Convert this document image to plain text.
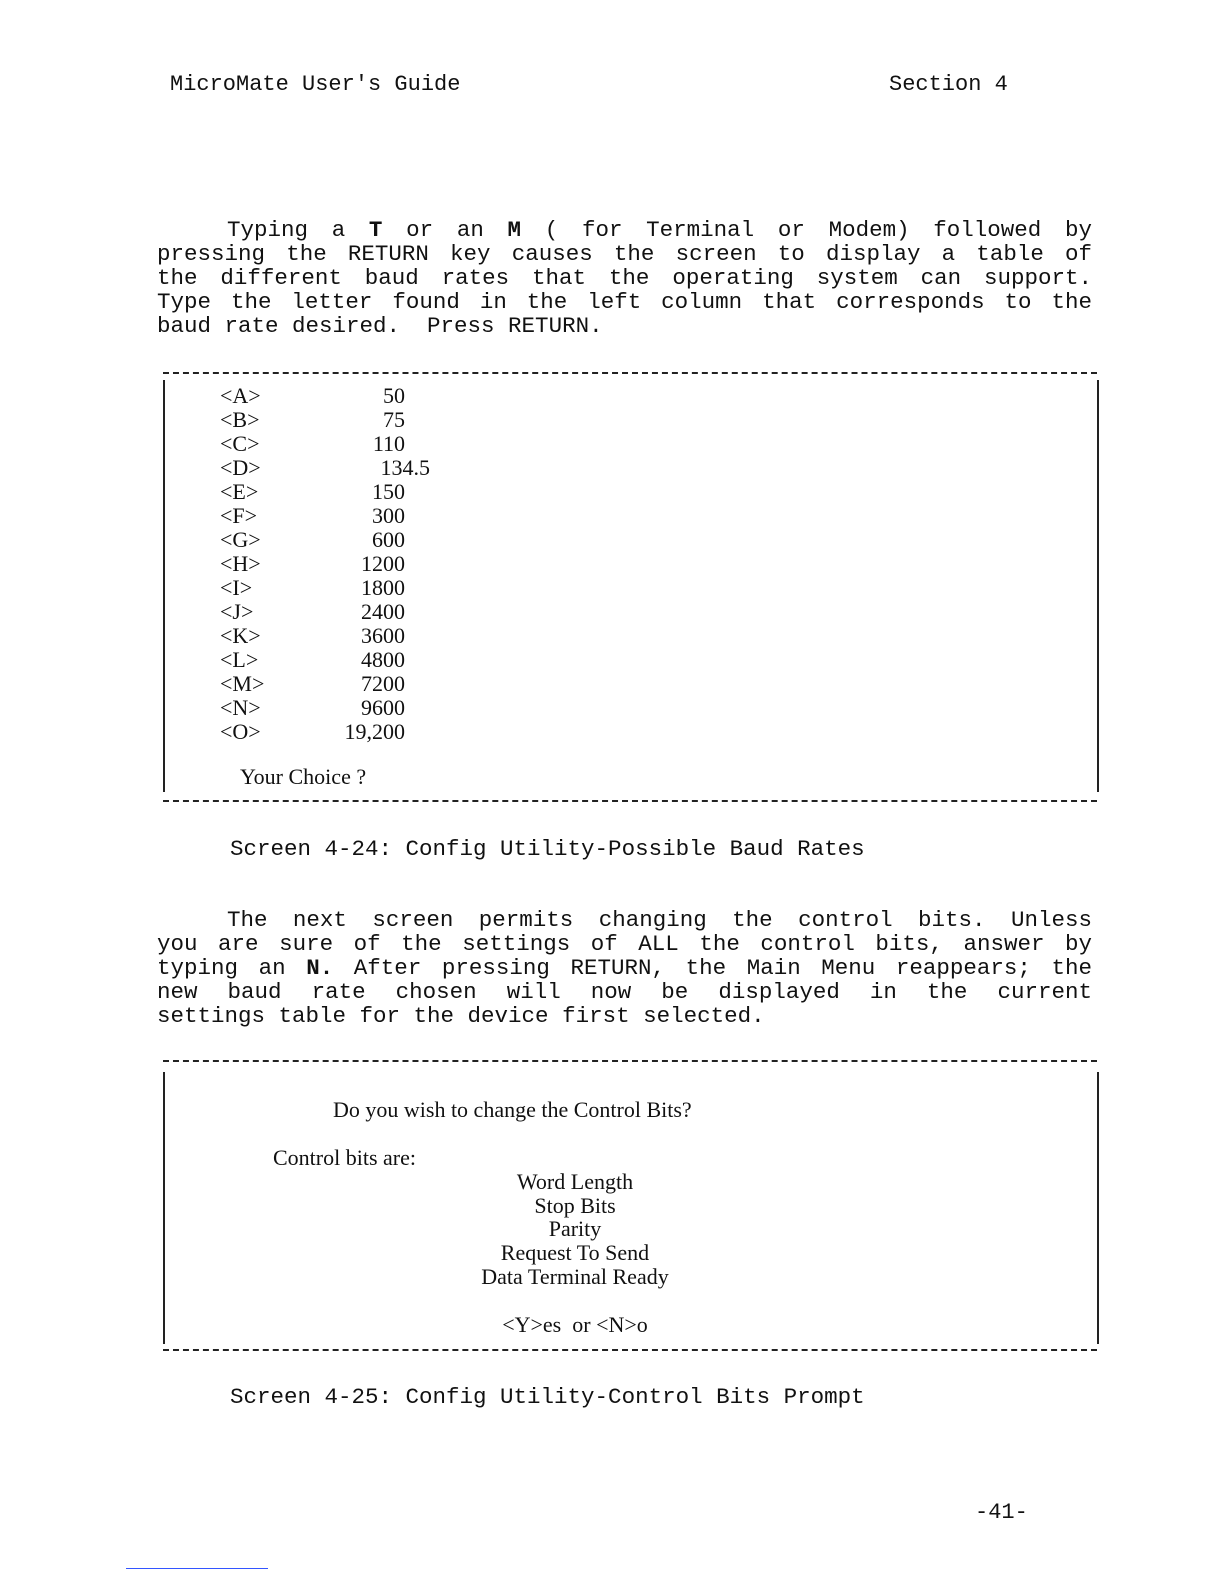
MicroMate User's Guide	Section 4
Typing a T or an M ( for Terminal or Modem) followed by
pressing the RETURN key causes the screen to display a table of
the different baud rates that the operating system can support.
Type the letter found in the left column that corresponds to the
baud rate desired.  Press RETURN.
<A>	50
<B>	75
<C>	110
<D>	134.5
<E>	150
<F>	300
<G>	600
<H>	1200
<I>	1800
<J>	2400
<K>	3600
<L>	4800
<M>	7200
<N>	9600
<O>	19,200
Your Choice ?
Screen 4-24: Config Utility-Possible Baud Rates
The next screen permits changing the control bits. Unless
you are sure of the settings of ALL the control bits, answer by
typing an N. After pressing RETURN, the Main Menu reappears; the
new baud rate chosen will now be displayed in the current
settings table for the device first selected.
Do you wish to change the Control Bits?
Control bits are:
Word Length
Stop Bits
Parity
Request To Send
Data Terminal Ready
<Y>es  or <N>o
Screen 4-25: Config Utility-Control Bits Prompt
-41-
